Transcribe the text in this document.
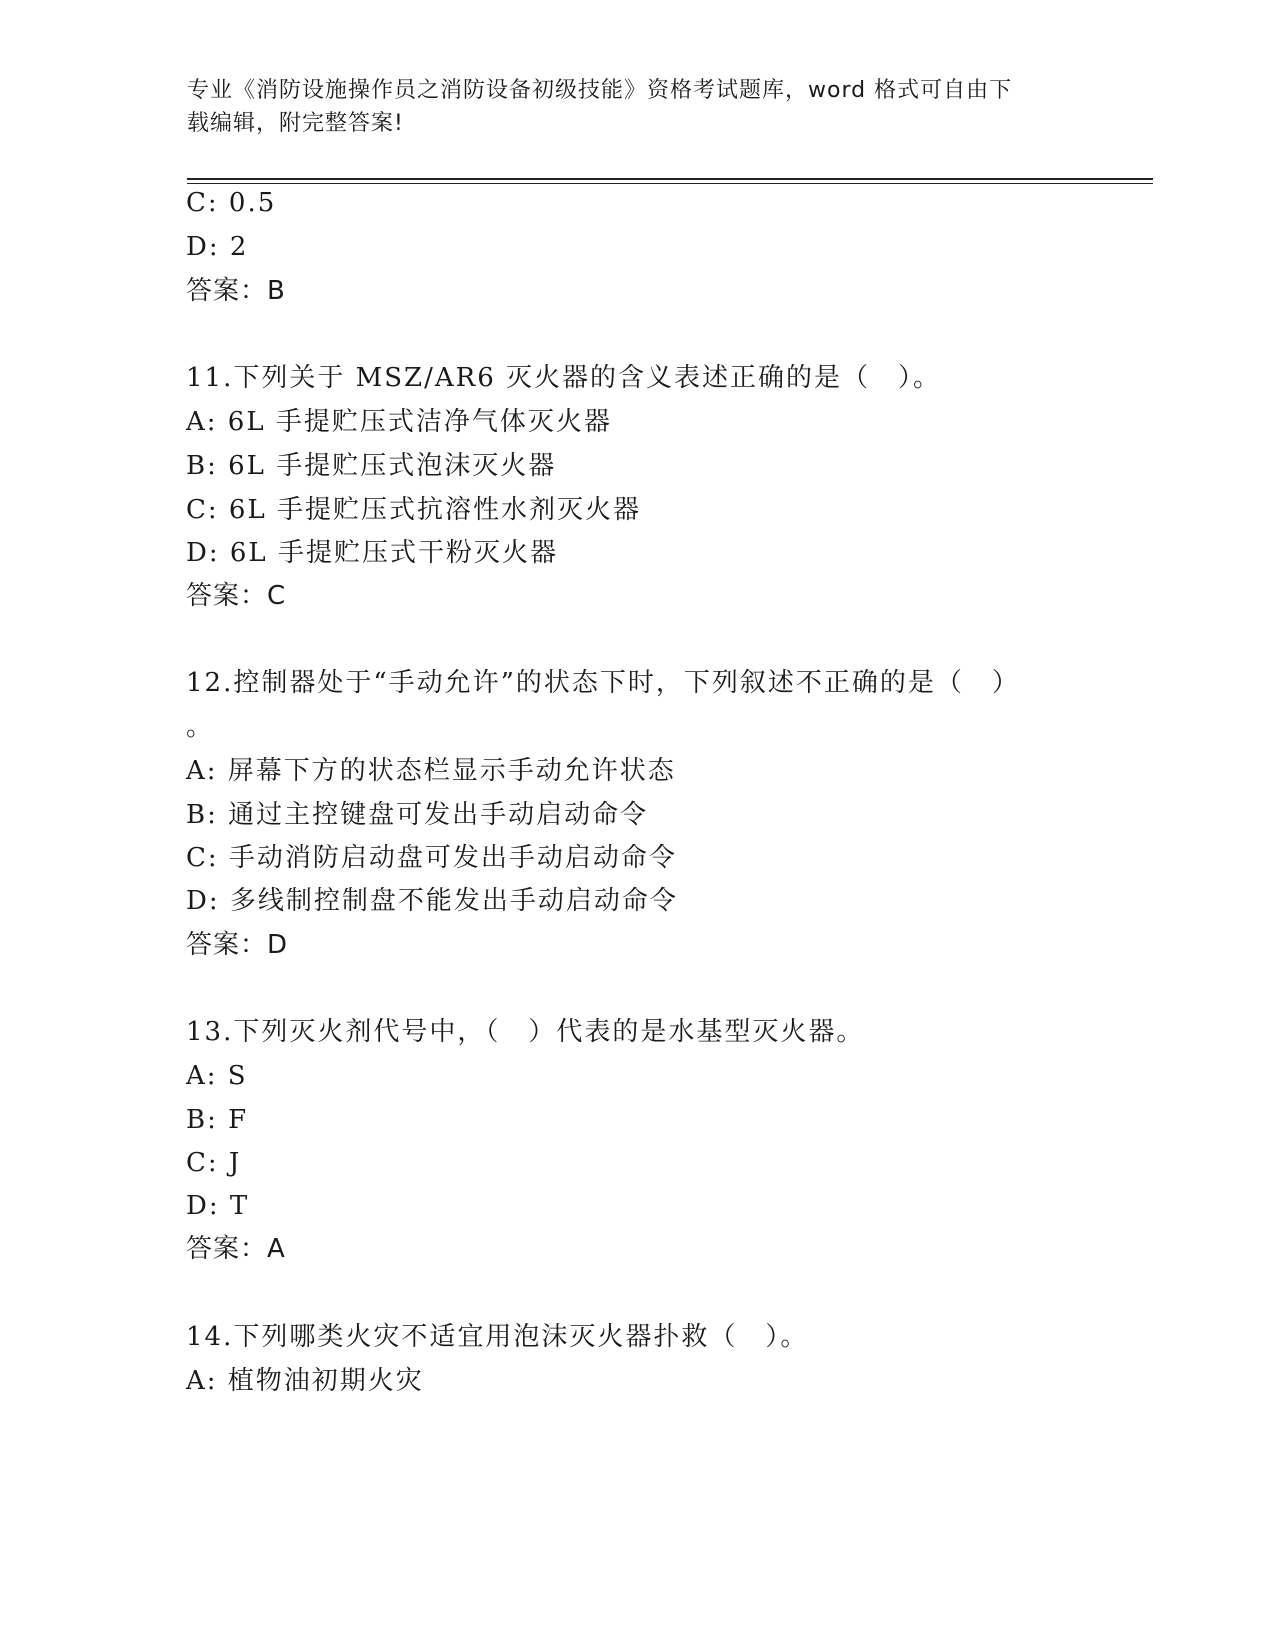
专业《消防设施操作员之消防设备初级技能》资格考试题库，word 格式可自由下
载编辑，附完整答案!
C: 0.5
D: 2
答案：B
11.下列关于 MSZ/AR6 灭火器的含义表述正确的是（　）。
A: 6L 手提贮压式洁净气体灭火器
B: 6L 手提贮压式泡沫灭火器
C: 6L 手提贮压式抗溶性水剂灭火器
D: 6L 手提贮压式干粉灭火器
答案：C
12.控制器处于“手动允许”的状态下时，下列叙述不正确的是（　）
。
A: 屏幕下方的状态栏显示手动允许状态
B: 通过主控键盘可发出手动启动命令
C: 手动消防启动盘可发出手动启动命令
D: 多线制控制盘不能发出手动启动命令
答案：D
13.下列灭火剂代号中，（　）代表的是水基型灭火器。
A: S
B: F
C: J
D: T
答案：A
14.下列哪类火灾不适宜用泡沫灭火器扑救（　）。
A: 植物油初期火灾
